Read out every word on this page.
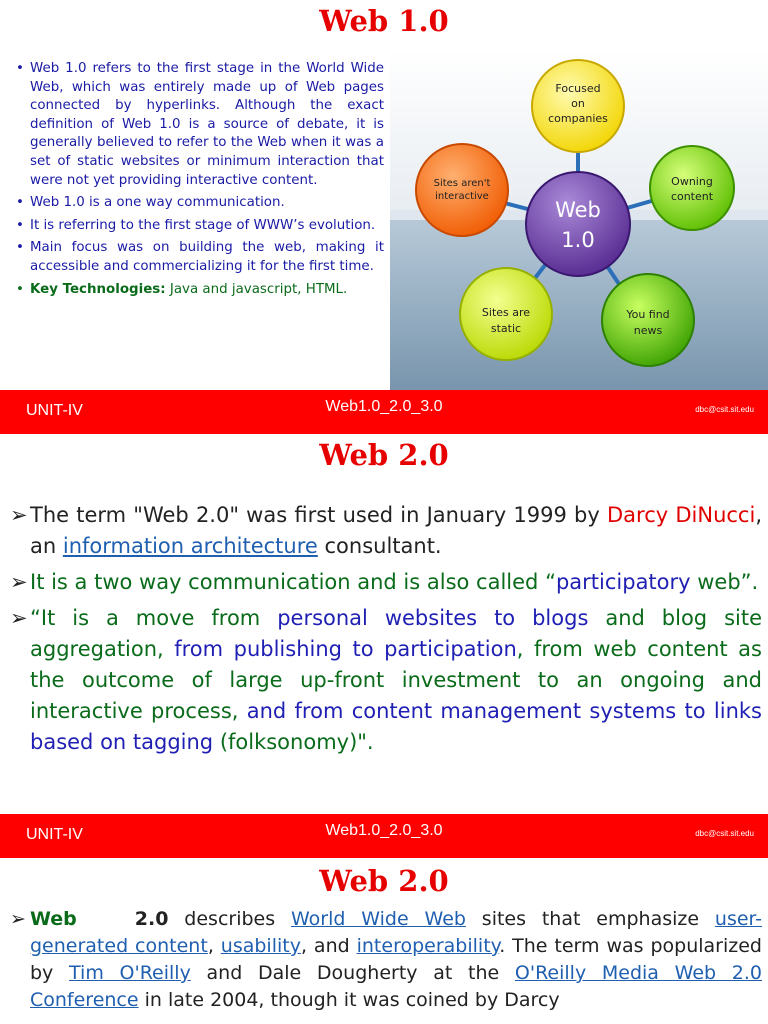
Web 1.0
• Web 1.0 refers to the first stage in the World Wide Web, which was entirely made up of Web pages connected by hyperlinks. Although the exact definition of Web 1.0 is a source of debate, it is generally believed to refer to the Web when it was a set of static websites or minimum interaction that were not yet providing interactive content.
• Web 1.0 is a one way communication.
• It is referring to the first stage of WWW’s evolution.
• Main focus was on building the web, making it accessible and commercializing it for the first time.
• Key Technologies: Java and javascript, HTML.
Focused
on
companies
Owning
content
You find
news
Sites are
static
Sites aren't
interactive
Web
1.0
UNIT-IV	Web1.0_2.0_3.0	dbc@csit.sit.edu
Web 2.0
➢ The term "Web 2.0" was first used in January 1999 by Darcy DiNucci, an information architecture consultant.
➢ It is a two way communication and is also called “participatory web”.
➢ “It is a move from personal websites to blogs and blog site aggregation, from publishing to participation, from web content as the outcome of large up-front investment to an ongoing and interactive process, and from content management systems to links based on tagging (folksonomy)".
UNIT-IV	Web1.0_2.0_3.0	dbc@csit.sit.edu
Web 2.0
➢ Web	2.0 describes World Wide Web sites that emphasize user-generated content, usability, and interoperability. The term was popularized by Tim O'Reilly and Dale Dougherty at the O'Reilly Media Web 2.0 Conference in late 2004, though it was coined by Darcy
